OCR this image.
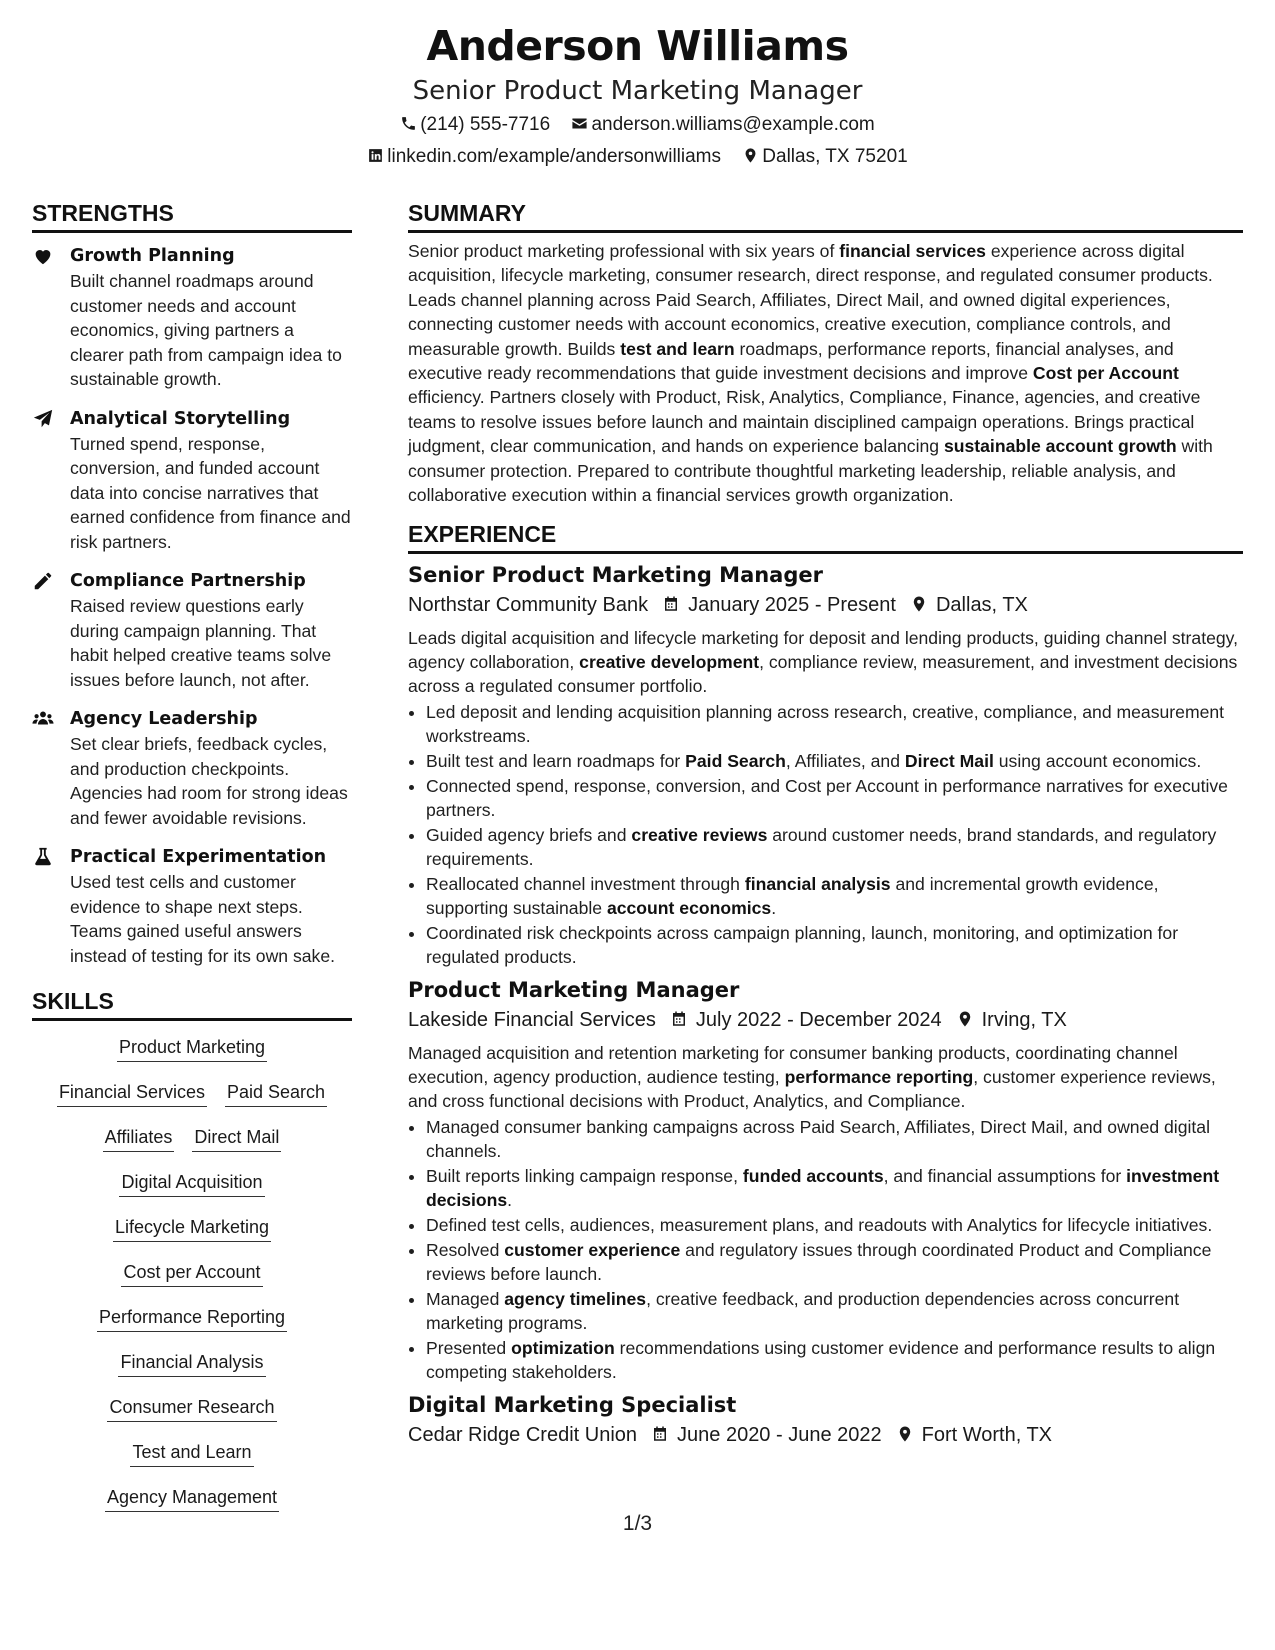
Anderson Williams
Senior Product Marketing Manager
(214) 555-7716 anderson.williams@example.com
linkedin.com/example/andersonwilliams Dallas, TX 75201
STRENGTHS
Growth Planning
Built channel roadmaps around customer needs and account economics, giving partners a clearer path from campaign idea to sustainable growth.
Analytical Storytelling
Turned spend, response, conversion, and funded account data into concise narratives that earned confidence from finance and risk partners.
Compliance Partnership
Raised review questions early during campaign planning. That habit helped creative teams solve issues before launch, not after.
Agency Leadership
Set clear briefs, feedback cycles, and production checkpoints. Agencies had room for strong ideas and fewer avoidable revisions.
Practical Experimentation
Used test cells and customer evidence to shape next steps. Teams gained useful answers instead of testing for its own sake.
SKILLS
Product Marketing
Financial Services Paid Search
Affiliates Direct Mail
Digital Acquisition
Lifecycle Marketing
Cost per Account
Performance Reporting
Financial Analysis
Consumer Research
Test and Learn
Agency Management
SUMMARY
Senior product marketing professional with six years of financial services experience across digital acquisition, lifecycle marketing, consumer research, direct response, and regulated consumer products. Leads channel planning across Paid Search, Affiliates, Direct Mail, and owned digital experiences, connecting customer needs with account economics, creative execution, compliance controls, and measurable growth. Builds test and learn roadmaps, performance reports, financial analyses, and executive ready recommendations that guide investment decisions and improve Cost per Account efficiency. Partners closely with Product, Risk, Analytics, Compliance, Finance, agencies, and creative teams to resolve issues before launch and maintain disciplined campaign operations. Brings practical judgment, clear communication, and hands on experience balancing sustainable account growth with consumer protection. Prepared to contribute thoughtful marketing leadership, reliable analysis, and collaborative execution within a financial services growth organization.
EXPERIENCE
Senior Product Marketing Manager
Northstar Community Bank January 2025 - Present Dallas, TX
Leads digital acquisition and lifecycle marketing for deposit and lending products, guiding channel strategy, agency collaboration, creative development, compliance review, measurement, and investment decisions across a regulated consumer portfolio.
• Led deposit and lending acquisition planning across research, creative, compliance, and measurement workstreams.
• Built test and learn roadmaps for Paid Search, Affiliates, and Direct Mail using account economics.
• Connected spend, response, conversion, and Cost per Account in performance narratives for executive partners.
• Guided agency briefs and creative reviews around customer needs, brand standards, and regulatory requirements.
• Reallocated channel investment through financial analysis and incremental growth evidence, supporting sustainable account economics.
• Coordinated risk checkpoints across campaign planning, launch, monitoring, and optimization for regulated products.
Product Marketing Manager
Lakeside Financial Services July 2022 - December 2024 Irving, TX
Managed acquisition and retention marketing for consumer banking products, coordinating channel execution, agency production, audience testing, performance reporting, customer experience reviews, and cross functional decisions with Product, Analytics, and Compliance.
• Managed consumer banking campaigns across Paid Search, Affiliates, Direct Mail, and owned digital channels.
• Built reports linking campaign response, funded accounts, and financial assumptions for investment decisions.
• Defined test cells, audiences, measurement plans, and readouts with Analytics for lifecycle initiatives.
• Resolved customer experience and regulatory issues through coordinated Product and Compliance reviews before launch.
• Managed agency timelines, creative feedback, and production dependencies across concurrent marketing programs.
• Presented optimization recommendations using customer evidence and performance results to align competing stakeholders.
Digital Marketing Specialist
Cedar Ridge Credit Union June 2020 - June 2022 Fort Worth, TX
1/3
